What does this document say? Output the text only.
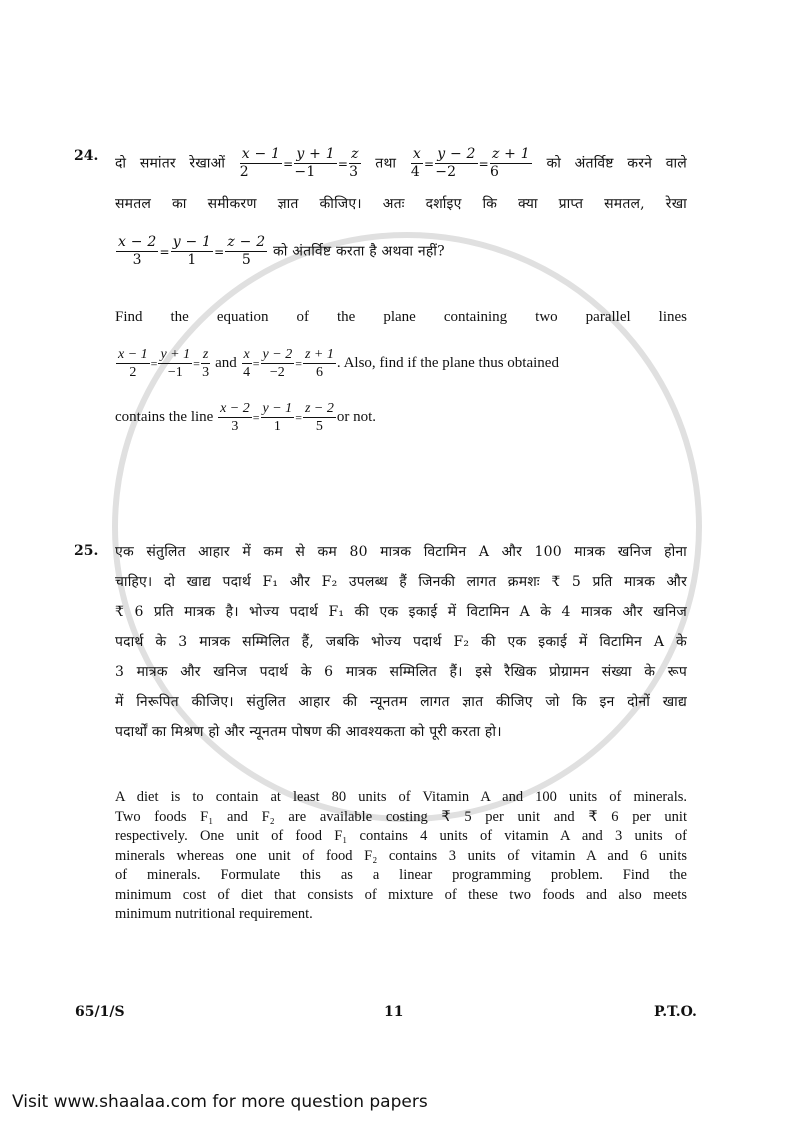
24. दो समांतर रेखाओं $\frac{x - 1}{2} = \frac{y + 1}{-1} = \frac{z}{3}$ तथा $\frac{x}{4} = \frac{y - 2}{-2} = \frac{z + 1}{6}$ को अंतर्विष्ट करने वाले
समतल का समीकरण ज्ञात कीजिए। अतः दर्शाइए कि क्या प्राप्त समतल, रेखा
$\frac{x - 2}{3} = \frac{y - 1}{1} = \frac{z - 2}{5}$ को अंतर्विष्ट करता है अथवा नहीं?
Find the equation of the plane containing two parallel lines
$\frac{x - 1}{2} = \frac{y + 1}{-1} = \frac{z}{3}$ and $\frac{x}{4} = \frac{y - 2}{-2} = \frac{z + 1}{6}$ . Also, find if the plane thus obtained
contains the line $\frac{x - 2}{3} = \frac{y - 1}{1} = \frac{z - 2}{5}$ or not.
25. एक संतुलित आहार में कम से कम 80 मात्रक विटामिन A और 100 मात्रक खनिज होना
चाहिए। दो खाद्य पदार्थ F₁ और F₂ उपलब्ध हैं जिनकी लागत क्रमशः ₹ 5 प्रति मात्रक और
₹ 6 प्रति मात्रक है। भोज्य पदार्थ F₁ की एक इकाई में विटामिन A के 4 मात्रक और खनिज
पदार्थ के 3 मात्रक सम्मिलित हैं, जबकि भोज्य पदार्थ F₂ की एक इकाई में विटामिन A के
3 मात्रक और खनिज पदार्थ के 6 मात्रक सम्मिलित हैं। इसे रैखिक प्रोग्रामन संख्या के रूप
में निरूपित कीजिए। संतुलित आहार की न्यूनतम लागत ज्ञात कीजिए जो कि इन दोनों खाद्य
पदार्थों का मिश्रण हो और न्यूनतम पोषण की आवश्यकता को पूरी करता हो।
A diet is to contain at least 80 units of Vitamin A and 100 units of minerals.
Two foods F₁ and F₂ are available costing ₹ 5 per unit and ₹ 6 per unit
respectively. One unit of food F₁ contains 4 units of vitamin A and 3 units of
minerals whereas one unit of food F₂ contains 3 units of vitamin A and 6 units
of minerals. Formulate this as a linear programming problem. Find the
minimum cost of diet that consists of mixture of these two foods and also meets
minimum nutritional requirement.
65/1/S	11	P.T.O.
Visit www.shaalaa.com for more question papers
